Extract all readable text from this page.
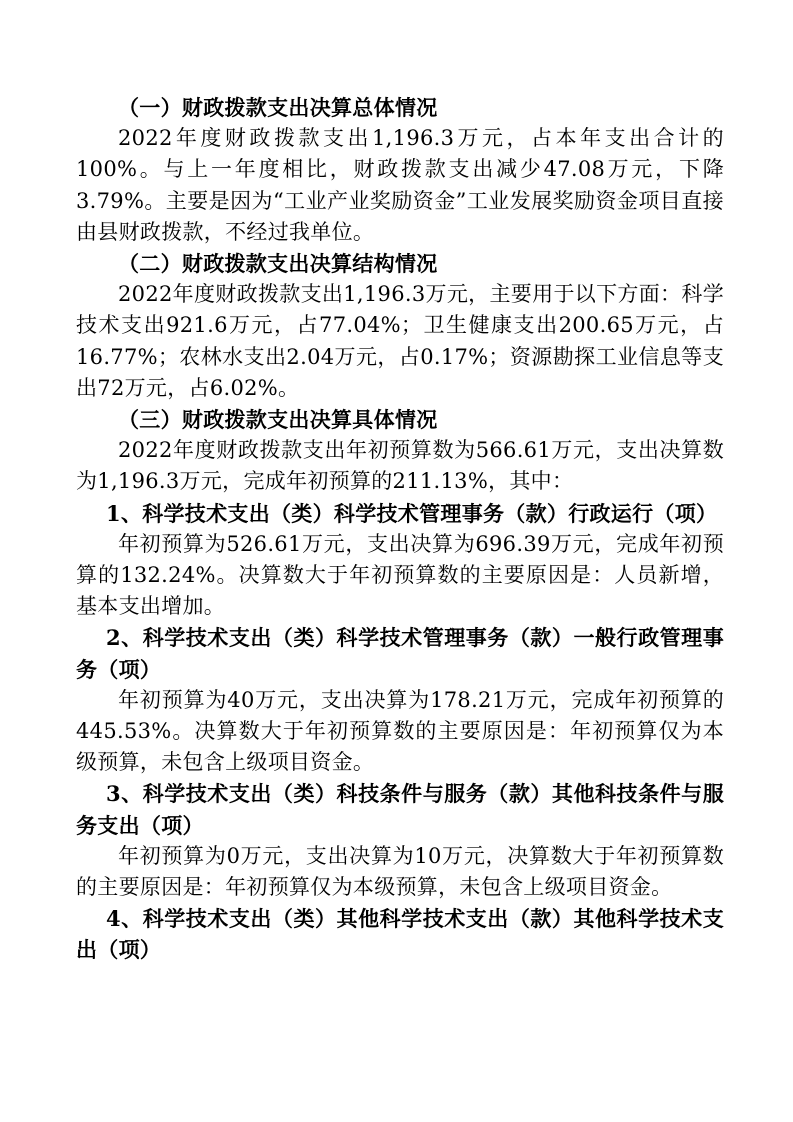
（一）财政拨款支出决算总体情况

2022年度财政拨款支出1,196.3万元，占本年支出合计的100%。与上一年度相比，财政拨款支出减少47.08万元，下降3.79%。主要是因为“工业产业奖励资金”工业发展奖励资金项目直接由县财政拨款，不经过我单位。

（二）财政拨款支出决算结构情况

2022年度财政拨款支出1,196.3万元，主要用于以下方面：科学技术支出921.6万元，占77.04%；卫生健康支出200.65万元，占16.77%；农林水支出2.04万元，占0.17%；资源勘探工业信息等支出72万元，占6.02%。

（三）财政拨款支出决算具体情况

2022年度财政拨款支出年初预算数为566.61万元，支出决算数为1,196.3万元，完成年初预算的211.13%，其中：

1、科学技术支出（类）科学技术管理事务（款）行政运行（项）

年初预算为526.61万元，支出决算为696.39万元，完成年初预算的132.24%。决算数大于年初预算数的主要原因是：人员新增，基本支出增加。

2、科学技术支出（类）科学技术管理事务（款）一般行政管理事务（项）

年初预算为40万元，支出决算为178.21万元，完成年初预算的445.53%。决算数大于年初预算数的主要原因是：年初预算仅为本级预算，未包含上级项目资金。

3、科学技术支出（类）科技条件与服务（款）其他科技条件与服务支出（项）

年初预算为0万元，支出决算为10万元，决算数大于年初预算数的主要原因是：年初预算仅为本级预算，未包含上级项目资金。

4、科学技术支出（类）其他科学技术支出（款）其他科学技术支出（项）
